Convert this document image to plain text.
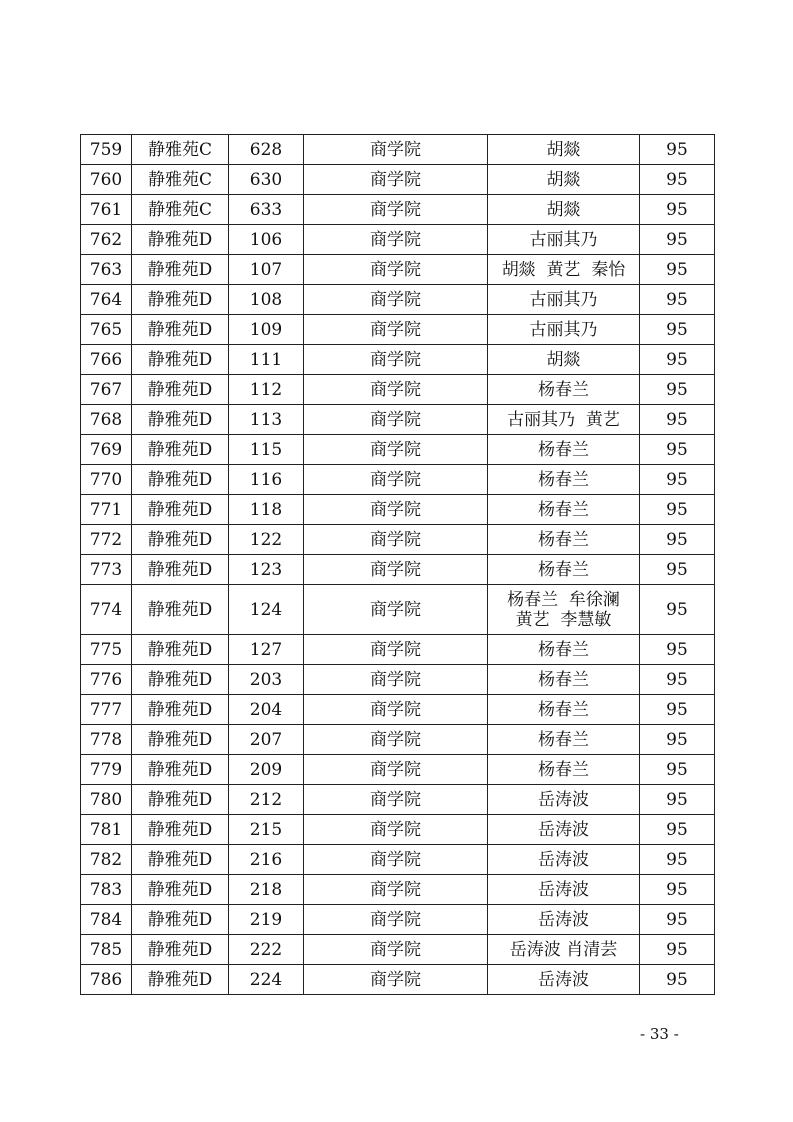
759	静雅苑C	628	商学院	胡燚	95
760	静雅苑C	630	商学院	胡燚	95
761	静雅苑C	633	商学院	胡燚	95
762	静雅苑D	106	商学院	古丽其乃	95
763	静雅苑D	107	商学院	胡燚  黄艺  秦怡	95
764	静雅苑D	108	商学院	古丽其乃	95
765	静雅苑D	109	商学院	古丽其乃	95
766	静雅苑D	111	商学院	胡燚	95
767	静雅苑D	112	商学院	杨春兰	95
768	静雅苑D	113	商学院	古丽其乃  黄艺	95
769	静雅苑D	115	商学院	杨春兰	95
770	静雅苑D	116	商学院	杨春兰	95
771	静雅苑D	118	商学院	杨春兰	95
772	静雅苑D	122	商学院	杨春兰	95
773	静雅苑D	123	商学院	杨春兰	95
774	静雅苑D	124	商学院	杨春兰  牟徐澜
黄艺  李慧敏	95
775	静雅苑D	127	商学院	杨春兰	95
776	静雅苑D	203	商学院	杨春兰	95
777	静雅苑D	204	商学院	杨春兰	95
778	静雅苑D	207	商学院	杨春兰	95
779	静雅苑D	209	商学院	杨春兰	95
780	静雅苑D	212	商学院	岳涛波	95
781	静雅苑D	215	商学院	岳涛波	95
782	静雅苑D	216	商学院	岳涛波	95
783	静雅苑D	218	商学院	岳涛波	95
784	静雅苑D	219	商学院	岳涛波	95
785	静雅苑D	222	商学院	岳涛波 肖清芸	95
786	静雅苑D	224	商学院	岳涛波	95
- 33 -
